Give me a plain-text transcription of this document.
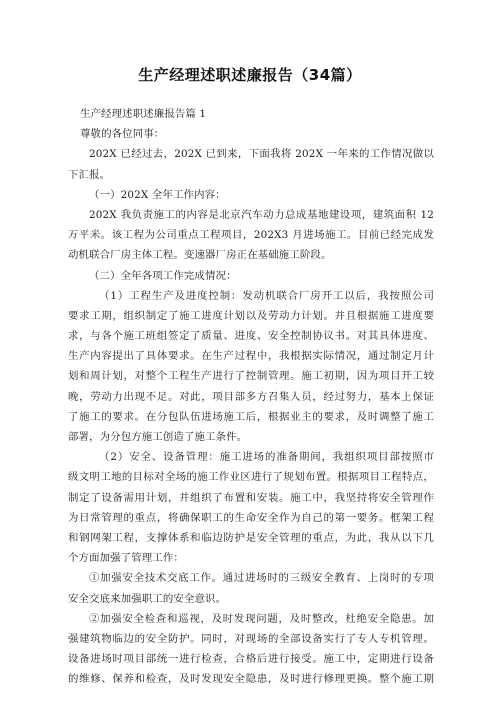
生产经理述职述廉报告（34篇）
生产经理述职述廉报告篇 1
尊敬的各位同事：
202X 已经过去，202X 已到来，下面我将 202X 一年来的工作情况做以
下汇报。
（一）202X 全年工作内容：
202X 我负责施工的内容是北京汽车动力总成基地建设项，建筑面积 12
万平米。该工程为公司重点工程项目，202X3 月进场施工。目前已经完成发
动机联合厂房主体工程。变速器厂房正在基础施工阶段。
（二）全年各项工作完成情况：
（1）工程生产及进度控制：发动机联合厂房开工以后，我按照公司
要求工期，组织制定了施工进度计划以及劳动力计划。并且根据施工进度要
求，与各个施工班组签定了质量、进度、安全控制协议书。对其具体进度、
生产内容提出了具体要求。在生产过程中，我根据实际情况，通过制定月计
划和周计划，对整个工程生产进行了控制管理。施工初期，因为项目开工较
晚，劳动力出现不足。对此，项目部多方召集人员，经过努力，基本上保证
了施工的要求。在分包队伍进场施工后，根据业主的要求，及时调整了施工
部署，为分包方施工创造了施工条件。
（2）安全、设备管理：施工进场的准备期间，我组织项目部按照市
级文明工地的目标对全场的施工作业区进行了规划布置。根据项目工程特点，
制定了设备需用计划，并组织了布置和安装。施工中，我坚持将安全管理作
为日常管理的重点，将确保职工的生命安全作为自己的第一要务。框架工程
和钢网架工程，支撑体系和临边防护是安全管理的重点，为此，我从以下几
个方面加强了管理工作：
①加强安全技术交底工作。通过进场时的三级安全教育、上岗时的专项
安全交底来加强职工的安全意识。
②加强安全检查和巡视，及时发现问题，及时整改，杜绝安全隐患。加
强建筑物临边的安全防护。同时，对现场的全部设备实行了专人专机管理。
设备进场时项目部统一进行检查，合格后进行接受。施工中，定期进行设备
的维修、保养和检查，及时发现安全隐患，及时进行修理更换。整个施工期
